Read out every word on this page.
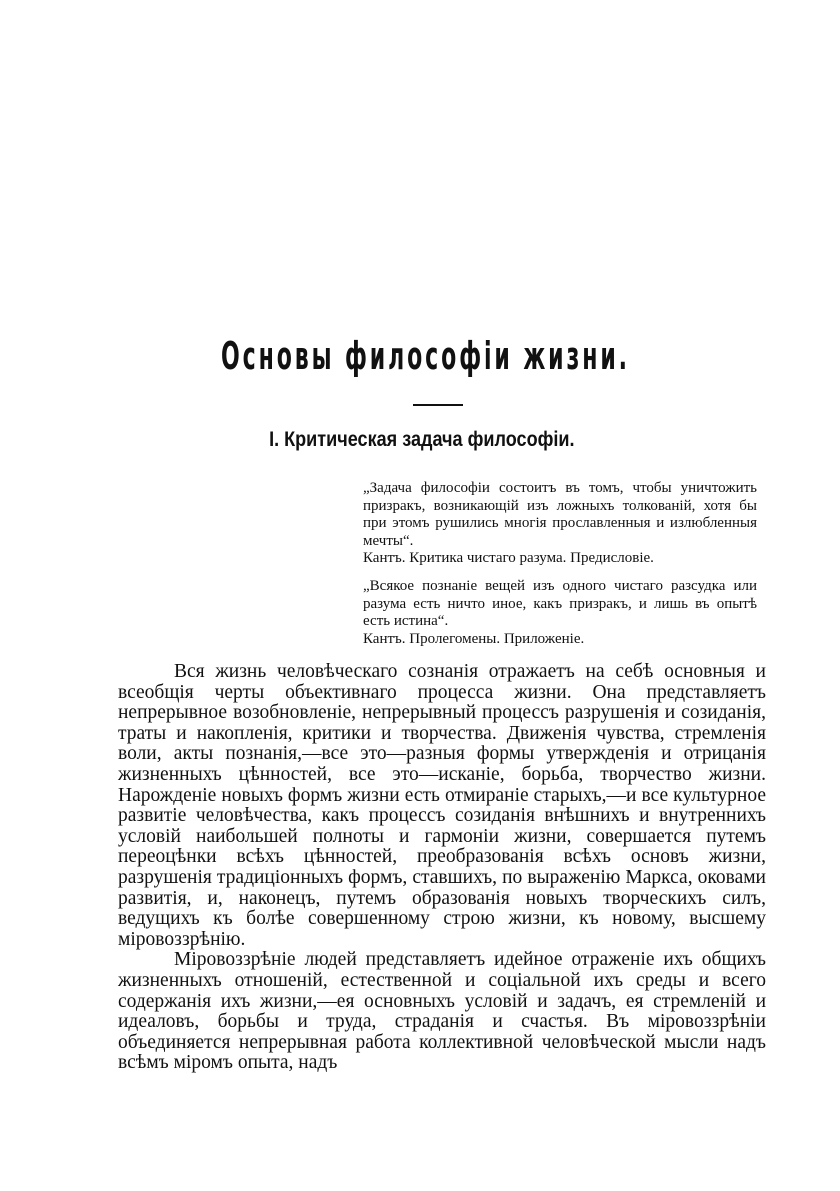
Основы философіи жизни.
I. Критическая задача философіи.

„Задача философіи состоитъ въ томъ, чтобы уничтожить призракъ, возникающій изъ ложныхъ толкованій, хотя бы при этомъ рушились многія прославленныя и излюбленныя мечты“.

Кантъ. Критика чистаго разума. Предисловіе.

„Всякое познаніе вещей изъ одного чистаго разсудка или разума есть ничто иное, какъ призракъ, и лишь въ опытѣ есть истина“.

Кантъ. Пролегомены. Приложеніе.

Вся жизнь человѣческаго сознанія отражаетъ на себѣ основныя и всеобщія черты объективнаго процесса жизни. Она представляетъ непрерывное возобновленіе, непрерывный процессъ разрушенія и созиданія, траты и накопленія, критики и творчества. Движенія чувства, стремленія воли, акты познанія,—все это—разныя формы утвержденія и отрицанія жизненныхъ цѣнностей, все это—исканіе, борьба, творчество жизни. Нарожденіе новыхъ формъ жизни есть отмираніе старыхъ,—и все культурное развитіе человѣчества, какъ процессъ созиданія внѣшнихъ и внутреннихъ условій наибольшей полноты и гармоніи жизни, совершается путемъ переоцѣнки всѣхъ цѣнностей, преобразованія всѣхъ основъ жизни, разрушенія традиціонныхъ формъ, ставшихъ, по выраженію Маркса, оковами развитія, и, наконецъ, путемъ образованія новыхъ творческихъ силъ, ведущихъ къ болѣе совершенному строю жизни, къ новому, высшему міровоззрѣнію.

Міровоззрѣніе людей представляетъ идейное отраженіе ихъ общихъ жизненныхъ отношеній, естественной и соціальной ихъ среды и всего содержанія ихъ жизни,—ея основныхъ условій и задачъ, ея стремленій и идеаловъ, борьбы и труда, страданія и счастья. Въ міровоззрѣніи объединяется непрерывная работа коллективной человѣческой мысли надъ всѣмъ міромъ опыта, надъ
